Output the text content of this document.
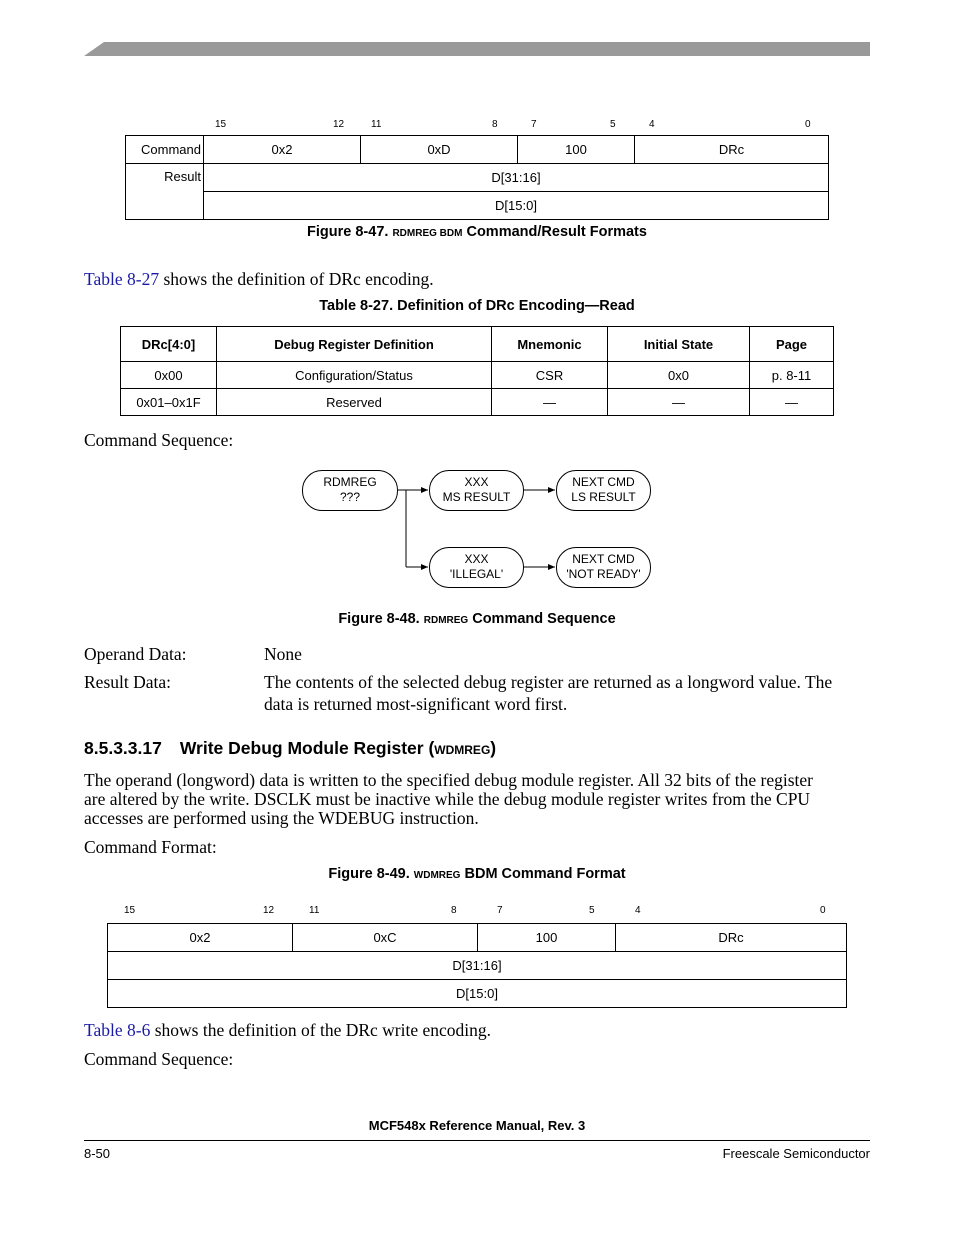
15	12	11	8	7	5	4	0
Command	0x2	0xD	100	DRc
Result	D[31:16]			
	D[15:0]			
Figure 8-47. RDMREG BDM Command/Result Formats
Table 8-27 shows the definition of DRc encoding.
Table 8-27. Definition of DRc Encoding—Read
DRc[4:0]	Debug Register Definition	Mnemonic	Initial State	Page
0x00	Configuration/Status	CSR	0x0	p. 8-11
0x01–0x1F	Reserved	—	—	—
Command Sequence:
RDMREG
???
XXX
MS RESULT
NEXT CMD
LS RESULT
XXX
'ILLEGAL'
NEXT CMD
'NOT READY'
Figure 8-48. RDMREG Command Sequence
Operand Data:	None
Result Data:	The contents of the selected debug register are returned as a longword value. The
data is returned most-significant word first.
8.5.3.3.17 Write Debug Module Register (WDMREG)
The operand (longword) data is written to the specified debug module register. All 32 bits of the register
are altered by the write. DSCLK must be inactive while the debug module register writes from the CPU
accesses are performed using the WDEBUG instruction.
Command Format:
Figure 8-49. WDMREG BDM Command Format
15	12	11	8	7	5	4	0
0x2	0xC	100	DRc
D[31:16]
D[15:0]
Table 8-6 shows the definition of the DRc write encoding.
Command Sequence:
MCF548x Reference Manual, Rev. 3
8-50	Freescale Semiconductor
